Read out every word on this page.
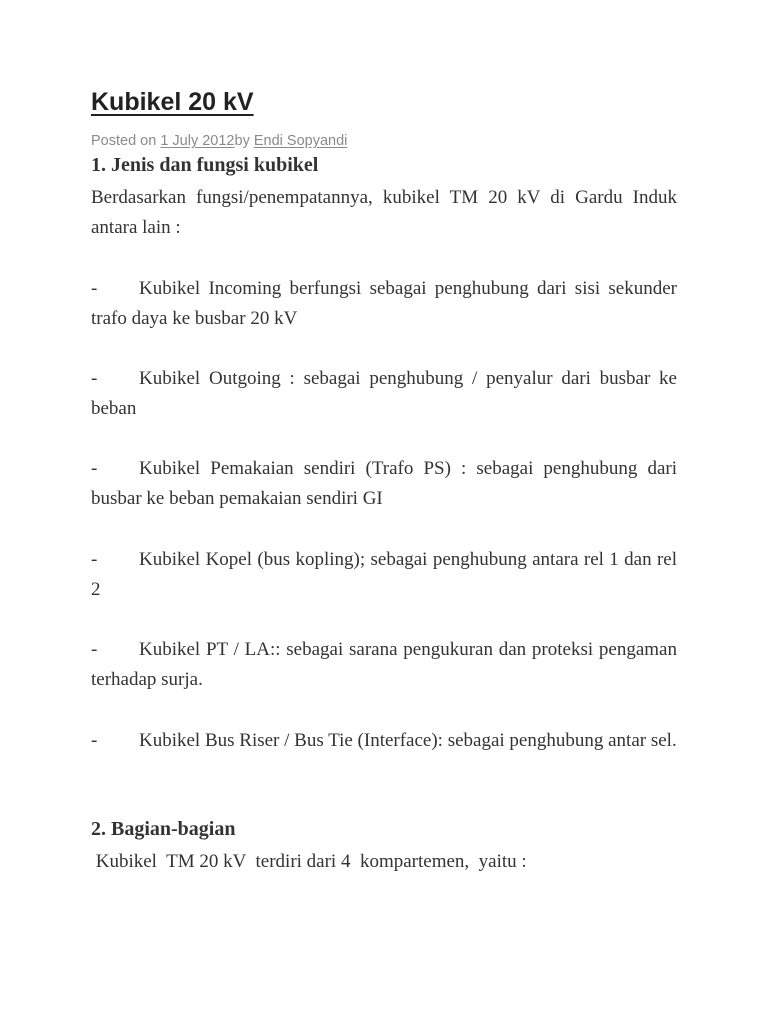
Kubikel 20 kV
Posted on 1 July 2012by Endi Sopyandi
1. Jenis dan fungsi kubikel

Berdasarkan fungsi/penempatannya, kubikel TM 20 kV di Gardu Induk antara lain :

- Kubikel Incoming berfungsi sebagai penghubung dari sisi sekunder trafo daya ke busbar 20 kV

- Kubikel Outgoing : sebagai penghubung / penyalur dari busbar ke beban

- Kubikel Pemakaian sendiri (Trafo PS) : sebagai penghubung dari busbar ke beban pemakaian sendiri GI

- Kubikel Kopel (bus kopling); sebagai penghubung antara rel 1 dan rel 2

- Kubikel PT / LA:: sebagai sarana pengukuran dan proteksi pengaman terhadap surja.

- Kubikel Bus Riser / Bus Tie (Interface): sebagai penghubung antar sel.

2. Bagian-bagian

Kubikel  TM 20 kV  terdiri dari 4  kompartemen,  yaitu :
